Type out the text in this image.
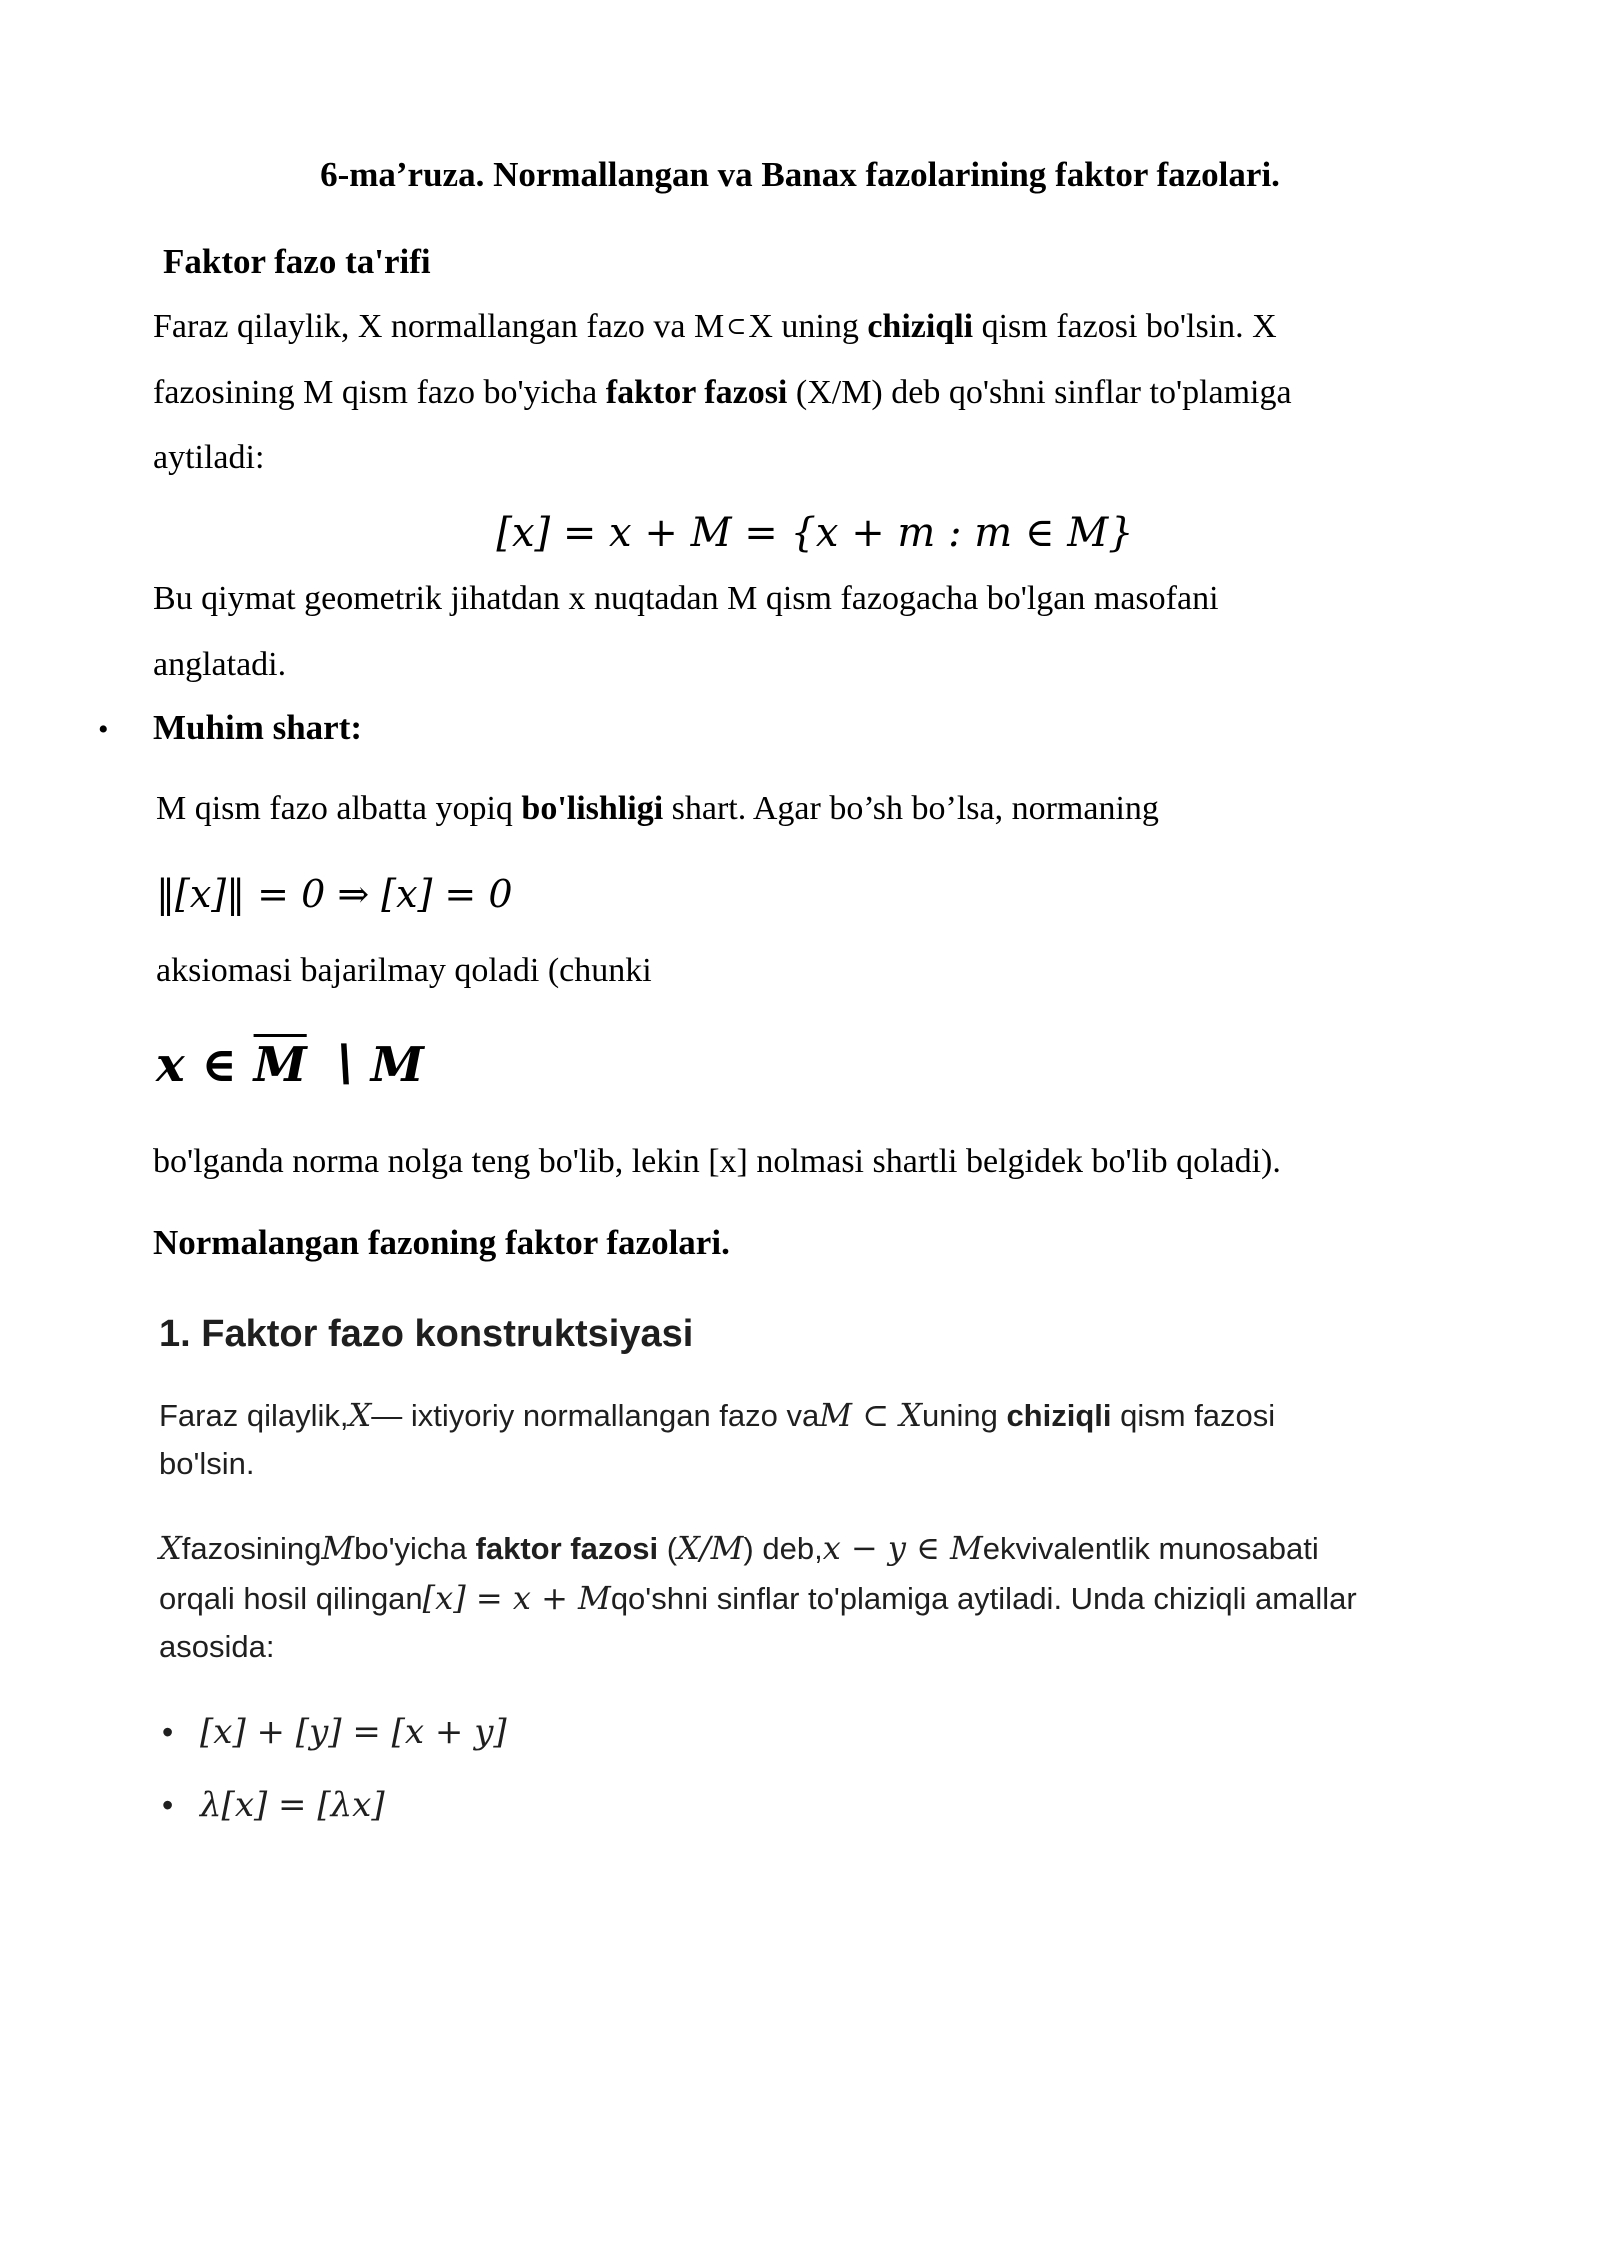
6-ma’ruza. Normallangan va Banax fazolarining faktor fazolari.
Faktor fazo ta'rifi
Faraz qilaylik, X normallangan fazo va M⊂X uning chiziqli qism fazosi bo'lsin. X
fazosining M qism fazo bo'yicha faktor fazosi (X/M) deb qo'shni sinflar to'plamiga
aytiladi:
[x] = x + M = {x + m : m ∈ M}
Bu qiymat geometrik jihatdan x nuqtadan M qism fazogacha bo'lgan masofani
anglatadi.
• Muhim shart:
M qism fazo albatta yopiq bo'lishligi shart. Agar bo’sh bo’lsa, normaning
‖[x]‖ = 0 ⇒ [x] = 0
aksiomasi bajarilmay qoladi (chunki
x ∈ $\overline{M}$ ∖ M
bo'lganda norma nolga teng bo'lib, lekin [x] nolmasi shartli belgidek bo'lib qoladi).
Normalangan fazoning faktor fazolari.
1. Faktor fazo konstruktsiyasi
Faraz qilaylik,X— ixtiyoriy normallangan fazo vaM ⊂ Xuning chiziqli qism fazosi
bo'lsin.
XfazosiningMbo'yicha faktor fazosi (X/M) deb,x − y ∈ Mekvivalentlik munosabati
orqali hosil qilingan[x] = x + Mqo'shni sinflar to'plamiga aytiladi. Unda chiziqli amallar
asosida:
• [x] + [y] = [x + y]
• λ[x] = [λx]
